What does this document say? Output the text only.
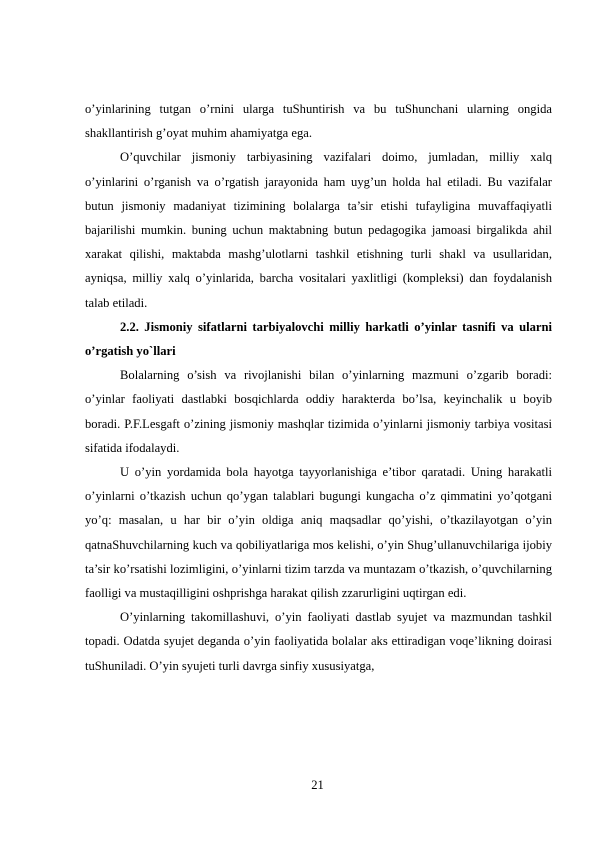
o’yinlarining tutgan o’rnini ularga tuShuntirish va bu tuShunchani ularning ongida shakllantirish g’oyat muhim ahamiyatga ega.

O’quvchilar jismoniy tarbiyasining vazifalari doimo, jumladan, milliy xalq o’yinlarini o’rganish va o’rgatish jarayonida ham uyg’un holda hal etiladi. Bu vazifalar butun jismoniy madaniyat tizimining bolalarga ta’sir etishi tufayligina muvaffaqiyatli bajarilishi mumkin. buning uchun maktabning butun pedagogika jamoasi birgalikda ahil xarakat qilishi, maktabda mashg’ulotlarni tashkil etishning turli shakl va usullaridan, ayniqsa, milliy xalq o’yinlarida, barcha vositalari yaxlitligi (kompleksi) dan foydalanish talab etiladi.

2.2. Jismoniy sifatlarni tarbiyalovchi milliy harkatli o’yinlar tasnifi va ularni o’rgatish yo`llari

Bolalarning o’sish va rivojlanishi bilan o’yinlarning mazmuni o’zgarib boradi: o’yinlar faoliyati dastlabki bosqichlarda oddiy harakterda bo’lsa, keyinchalik u boyib boradi. P.F.Lesgaft o’zining jismoniy mashqlar tizimida o’yinlarni jismoniy tarbiya vositasi sifatida ifodalaydi.

U o’yin yordamida bola hayotga tayyorlanishiga e’tibor qaratadi. Uning harakatli o’yinlarni o’tkazish uchun qo’ygan talablari bugungi kungacha o’z qimmatini yo’qotgani yo’q: masalan, u har bir o’yin oldiga aniq maqsadlar qo’yishi, o’tkazilayotgan o’yin qatnaShuvchilarning kuch va qobiliyatlariga mos kelishi, o’yin Shug’ullanuvchilariga ijobiy ta’sir ko’rsatishi lozimligini, o’yinlarni tizim tarzda va muntazam o’tkazish, o’quvchilarning faolligi va mustaqilligini oshprishga harakat qilish zzarurligini uqtirgan edi.

O’yinlarning takomillashuvi, o’yin faoliyati dastlab syujet va mazmundan tashkil topadi. Odatda syujet deganda o’yin faoliyatida bolalar aks ettiradigan voqe’likning doirasi tuShuniladi. O’yin syujeti turli davrga sinfiy xususiyatga,

21
